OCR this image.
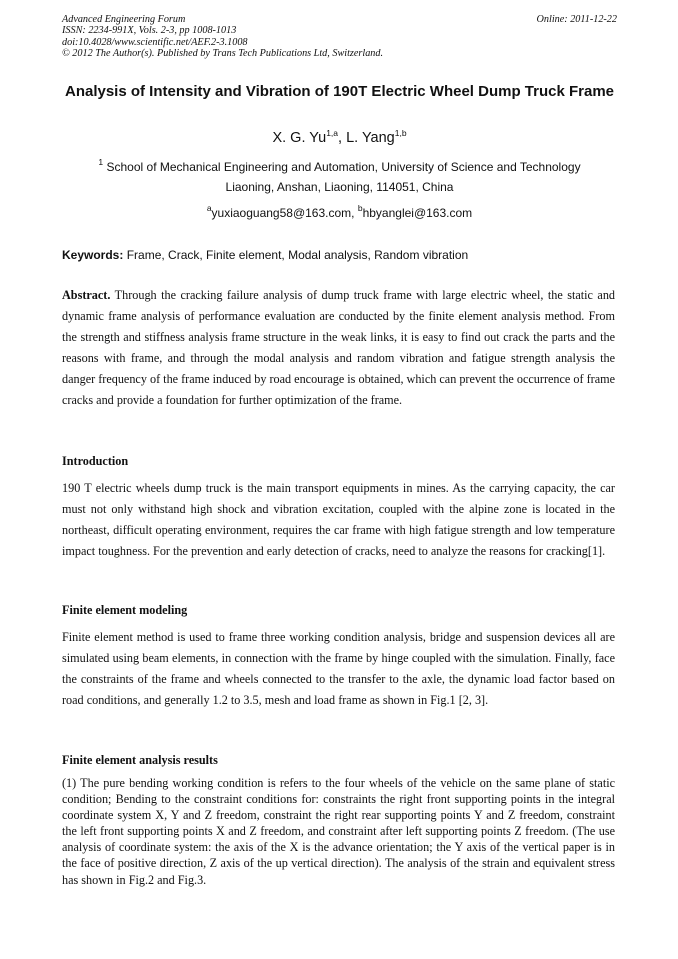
Advanced Engineering Forum
ISSN: 2234-991X, Vols. 2-3, pp 1008-1013
doi:10.4028/www.scientific.net/AEF.2-3.1008
© 2012 The Author(s). Published by Trans Tech Publications Ltd, Switzerland.
Online: 2011-12-22
Analysis of Intensity and Vibration of 190T Electric Wheel Dump Truck Frame
X. G. Yu$^{1,a}$, L. Yang$^{1,b}$
$^1$ School of Mechanical Engineering and Automation, University of Science and Technology
Liaoning, Anshan, Liaoning, 114051, China
$^a$yuxiaoguang58@163.com, $^b$hbyanglei@163.com
Keywords: Frame, Crack, Finite element, Modal analysis, Random vibration
Abstract. Through the cracking failure analysis of dump truck frame with large electric wheel, the static and dynamic frame analysis of performance evaluation are conducted by the finite element analysis method. From the strength and stiffness analysis frame structure in the weak links, it is easy to find out crack the parts and the reasons with frame, and through the modal analysis and random vibration and fatigue strength analysis the danger frequency of the frame induced by road encourage is obtained, which can prevent the occurrence of frame cracks and provide a foundation for further optimization of the frame.
Introduction
190 T electric wheels dump truck is the main transport equipments in mines. As the carrying capacity, the car must not only withstand high shock and vibration excitation, coupled with the alpine zone is located in the northeast, difficult operating environment, requires the car frame with high fatigue strength and low temperature impact toughness. For the prevention and early detection of cracks, need to analyze the reasons for cracking[1].
Finite element modeling
Finite element method is used to frame three working condition analysis, bridge and suspension devices all are simulated using beam elements, in connection with the frame by hinge coupled with the simulation. Finally, face the constraints of the frame and wheels connected to the transfer to the axle, the dynamic load factor based on road conditions, and generally 1.2 to 3.5, mesh and load frame as shown in Fig.1 [2, 3].
Finite element analysis results
(1) The pure bending working condition is refers to the four wheels of the vehicle on the same plane of static condition; Bending to the constraint conditions for: constraints the right front supporting points in the integral coordinate system X, Y and Z freedom, constraint the right rear supporting points Y and Z freedom, constraint the left front supporting points X and Z freedom, and constraint after left supporting points Z freedom. (The use analysis of coordinate system: the axis of the X is the advance orientation; the Y axis of the vertical paper is in the face of positive direction, Z axis of the up vertical direction). The analysis of the strain and equivalent stress has shown in Fig.2 and Fig.3.
